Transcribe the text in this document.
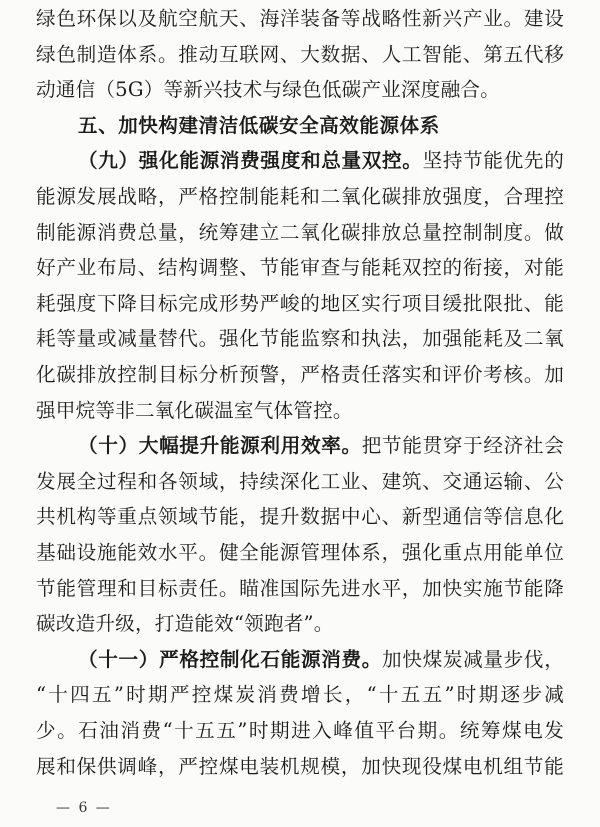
绿色环保以及航空航天、海洋装备等战略性新兴产业。建设
绿色制造体系。推动互联网、大数据、人工智能、第五代移
动通信（5G）等新兴技术与绿色低碳产业深度融合。
五、加快构建清洁低碳安全高效能源体系
（九）强化能源消费强度和总量双控。坚持节能优先的
能源发展战略，严格控制能耗和二氧化碳排放强度，合理控
制能源消费总量，统筹建立二氧化碳排放总量控制制度。做
好产业布局、结构调整、节能审查与能耗双控的衔接，对能
耗强度下降目标完成形势严峻的地区实行项目缓批限批、能
耗等量或减量替代。强化节能监察和执法，加强能耗及二氧
化碳排放控制目标分析预警，严格责任落实和评价考核。加
强甲烷等非二氧化碳温室气体管控。
（十）大幅提升能源利用效率。把节能贯穿于经济社会
发展全过程和各领域，持续深化工业、建筑、交通运输、公
共机构等重点领域节能，提升数据中心、新型通信等信息化
基础设施能效水平。健全能源管理体系，强化重点用能单位
节能管理和目标责任。瞄准国际先进水平，加快实施节能降
碳改造升级，打造能效“领跑者”。
（十一）严格控制化石能源消费。加快煤炭减量步伐，
“十四五”时期严控煤炭消费增长，“十五五”时期逐步减
少。石油消费“十五五”时期进入峰值平台期。统筹煤电发
展和保供调峰，严控煤电装机规模，加快现役煤电机组节能
— 6 —
